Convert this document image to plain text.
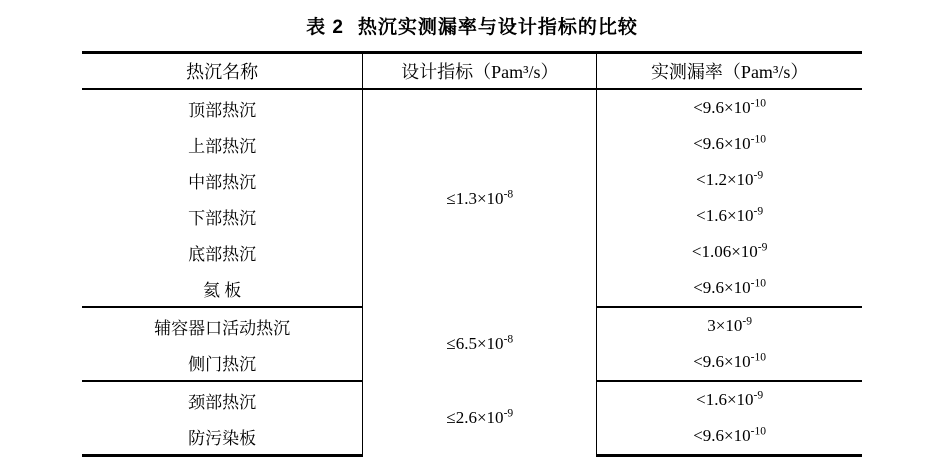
表 2 热沉实测漏率与设计指标的比较
热沉名称	设计指标（Pam³/s）	实测漏率（Pam³/s）
顶部热沉	$\le 1.3\times 10^{-8}$	$<9.6\times 10^{-10}$
上部热沉		$<9.6\times 10^{-10}$
中部热沉		$<1.2\times 10^{-9}$
下部热沉		$<1.6\times 10^{-9}$
底部热沉		$<1.06\times 10^{-9}$
氦 板		$<9.6\times 10^{-10}$
辅容器口活动热沉	$\le 6.5\times 10^{-8}$	$3\times 10^{-9}$
侧门热沉		$<9.6\times 10^{-10}$
颈部热沉	$\le 2.6\times 10^{-9}$	$<1.6\times 10^{-9}$
防污染板		$<9.6\times 10^{-10}$
